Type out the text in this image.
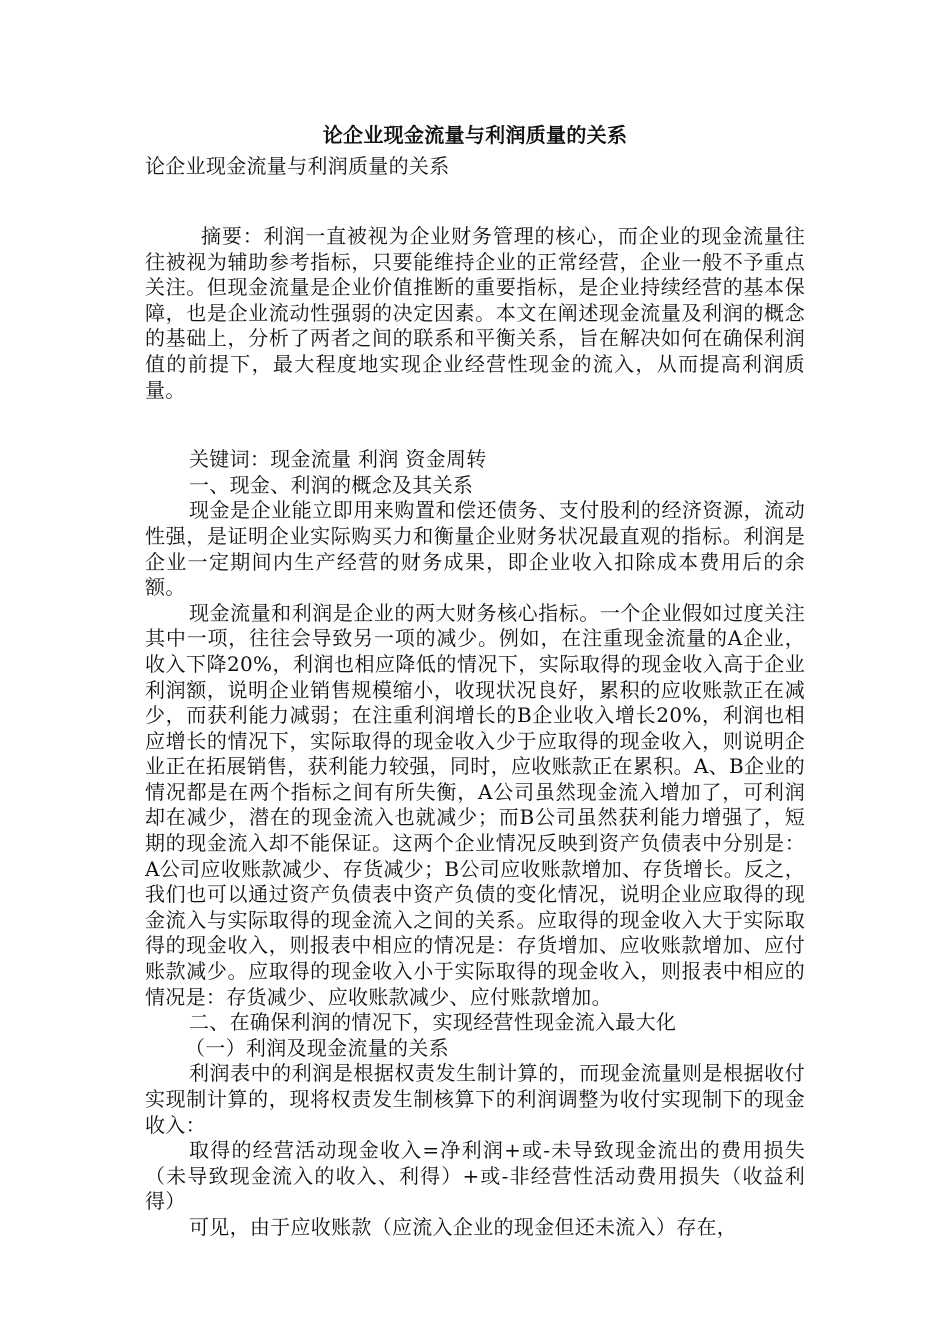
论企业现金流量与利润质量的关系

论企业现金流量与利润质量的关系

摘要：利润一直被视为企业财务管理的核心，而企业的现金流量往往被视为辅助参考指标，只要能维持企业的正常经营，企业一般不予重点关注。但现金流量是企业价值推断的重要指标，是企业持续经营的基本保障，也是企业流动性强弱的决定因素。本文在阐述现金流量及利润的概念的基础上，分析了两者之间的联系和平衡关系，旨在解决如何在确保利润值的前提下，最大程度地实现企业经营性现金的流入，从而提高利润质量。

关键词：现金流量 利润 资金周转

一、现金、利润的概念及其关系

现金是企业能立即用来购置和偿还债务、支付股利的经济资源，流动性强，是证明企业实际购买力和衡量企业财务状况最直观的指标。利润是企业一定期间内生产经营的财务成果，即企业收入扣除成本费用后的余额。

现金流量和利润是企业的两大财务核心指标。一个企业假如过度关注其中一项，往往会导致另一项的减少。例如，在注重现金流量的A企业，收入下降20%，利润也相应降低的情况下，实际取得的现金收入高于企业利润额，说明企业销售规模缩小，收现状况良好，累积的应收账款正在减少，而获利能力减弱；在注重利润增长的B企业收入增长20%，利润也相应增长的情况下，实际取得的现金收入少于应取得的现金收入，则说明企业正在拓展销售，获利能力较强，同时，应收账款正在累积。A、B企业的情况都是在两个指标之间有所失衡，A公司虽然现金流入增加了，可利润却在减少，潜在的现金流入也就减少；而B公司虽然获利能力增强了，短期的现金流入却不能保证。这两个企业情况反映到资产负债表中分别是：A公司应收账款减少、存货减少；B公司应收账款增加、存货增长。反之，我们也可以通过资产负债表中资产负债的变化情况，说明企业应取得的现金流入与实际取得的现金流入之间的关系。应取得的现金收入大于实际取得的现金收入，则报表中相应的情况是：存货增加、应收账款增加、应付账款减少。应取得的现金收入小于实际取得的现金收入，则报表中相应的情况是：存货减少、应收账款减少、应付账款增加。

二、在确保利润的情况下，实现经营性现金流入最大化

（一）利润及现金流量的关系

利润表中的利润是根据权责发生制计算的，而现金流量则是根据收付实现制计算的，现将权责发生制核算下的利润调整为收付实现制下的现金收入：

取得的经营活动现金收入=净利润+或-未导致现金流出的费用损失（未导致现金流入的收入、利得）+或-非经营性活动费用损失（收益利得）

可见，由于应收账款（应流入企业的现金但还未流入）存在，
